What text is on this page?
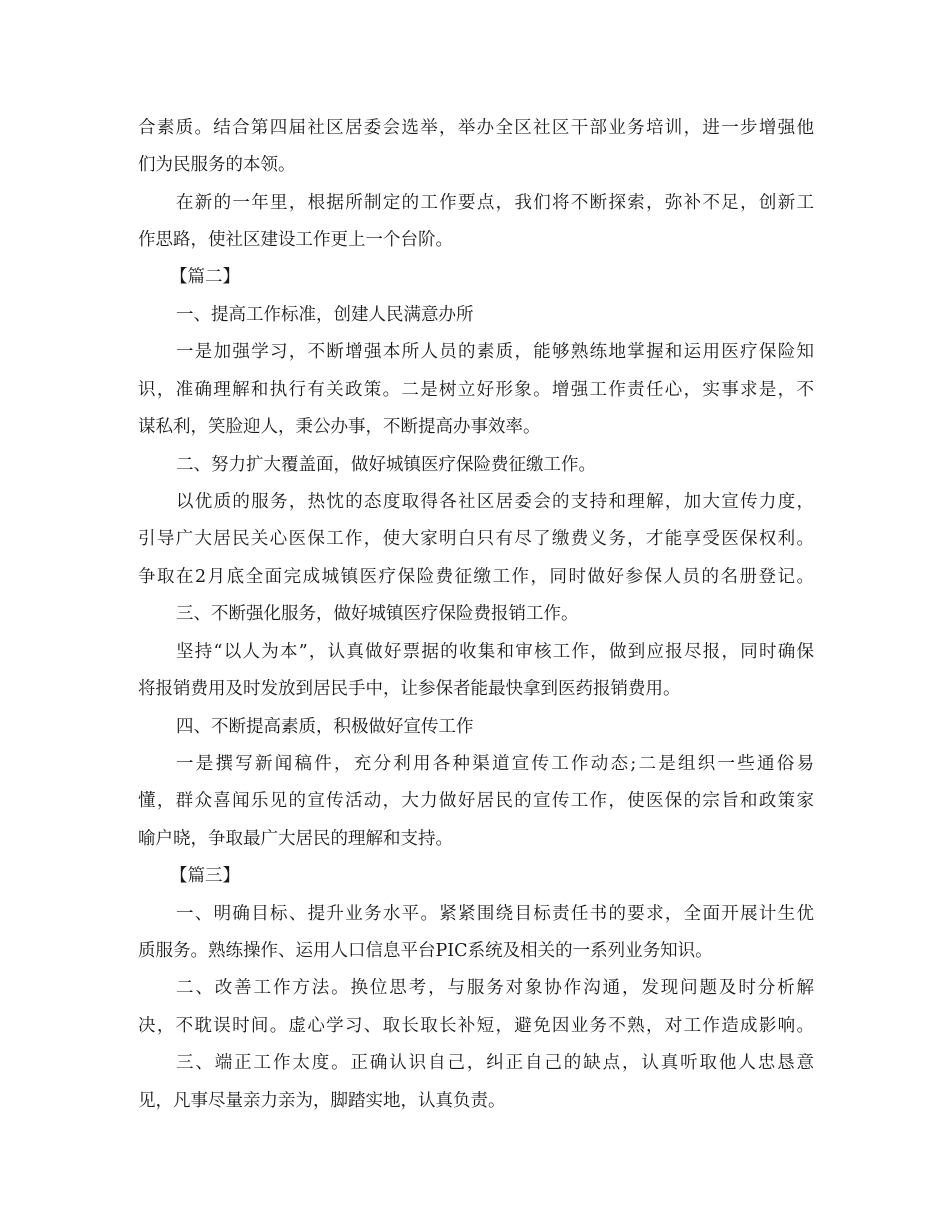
合素质。结合第四届社区居委会选举，举办全区社区干部业务培训，进一步增强他
们为民服务的本领。
在新的一年里，根据所制定的工作要点，我们将不断探索，弥补不足，创新工
作思路，使社区建设工作更上一个台阶。
【篇二】
一、提高工作标准，创建人民满意办所
一是加强学习，不断增强本所人员的素质，能够熟练地掌握和运用医疗保险知
识，准确理解和执行有关政策。二是树立好形象。增强工作责任心，实事求是，不
谋私利，笑脸迎人，秉公办事，不断提高办事效率。
二、努力扩大覆盖面，做好城镇医疗保险费征缴工作。
以优质的服务，热忱的态度取得各社区居委会的支持和理解，加大宣传力度，
引导广大居民关心医保工作，使大家明白只有尽了缴费义务，才能享受医保权利。
争取在2月底全面完成城镇医疗保险费征缴工作，同时做好参保人员的名册登记。
三、不断强化服务，做好城镇医疗保险费报销工作。
坚持“以人为本”，认真做好票据的收集和审核工作，做到应报尽报，同时确保
将报销费用及时发放到居民手中，让参保者能最快拿到医药报销费用。
四、不断提高素质，积极做好宣传工作
一是撰写新闻稿件，充分利用各种渠道宣传工作动态;二是组织一些通俗易
懂，群众喜闻乐见的宣传活动，大力做好居民的宣传工作，使医保的宗旨和政策家
喻户晓，争取最广大居民的理解和支持。
【篇三】
一、明确目标、提升业务水平。紧紧围绕目标责任书的要求，全面开展计生优
质服务。熟练操作、运用人口信息平台PIC系统及相关的一系列业务知识。
二、改善工作方法。换位思考，与服务对象协作沟通，发现问题及时分析解
决，不耽误时间。虚心学习、取长取长补短，避免因业务不熟，对工作造成影响。
三、端正工作太度。正确认识自己，纠正自己的缺点，认真听取他人忠恳意
见，凡事尽量亲力亲为，脚踏实地，认真负责。
